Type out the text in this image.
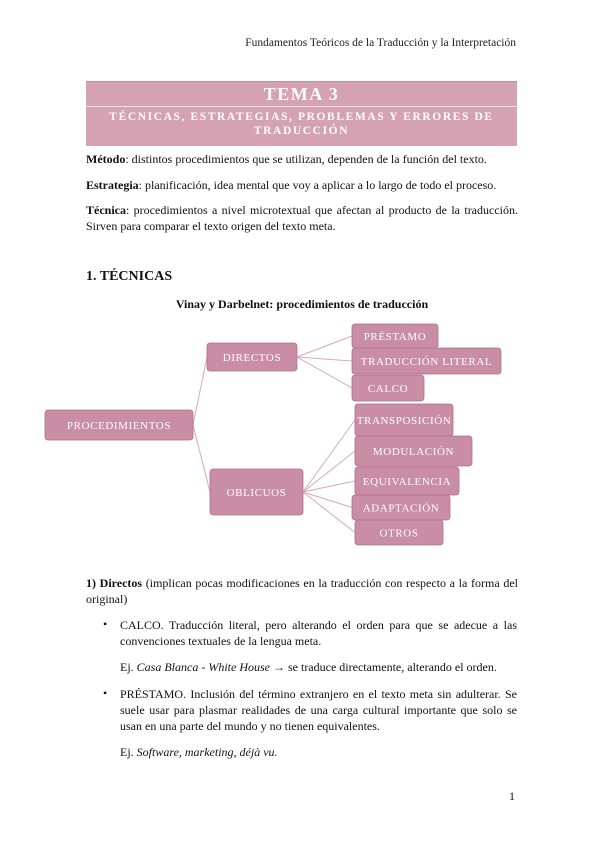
Fundamentos Teóricos de la Traducción y la Interpretación
TEMA 3
TÉCNICAS, ESTRATEGIAS, PROBLEMAS Y ERRORES DE
TRADUCCIÓN
Método: distintos procedimientos que se utilizan, dependen de la función del texto.
Estrategia: planificación, idea mental que voy a aplicar a lo largo de todo el proceso.
Técnica: procedimientos a nivel microtextual que afectan al producto de la traducción. Sirven para comparar el texto origen del texto meta.
1. TÉCNICAS
Vinay y Darbelnet: procedimientos de traducción
PROCEDIMIENTOS
DIRECTOS
OBLICUOS
PRÉSTAMO
TRADUCCIÓN LITERAL
CALCO
TRANSPOSICIÓN
MODULACIÓN
EQUIVALENCIA
ADAPTACIÓN
OTROS
1) Directos (implican pocas modificaciones en la traducción con respecto a la forma del original)
• CALCO. Traducción literal, pero alterando el orden para que se adecue a las convenciones textuales de la lengua meta.
Ej. Casa Blanca - White House → se traduce directamente, alterando el orden.
• PRÉSTAMO. Inclusión del término extranjero en el texto meta sin adulterar. Se suele usar para plasmar realidades de una carga cultural importante que solo se usan en una parte del mundo y no tienen equivalentes.
Ej. Software, marketing, déjà vu.
1
